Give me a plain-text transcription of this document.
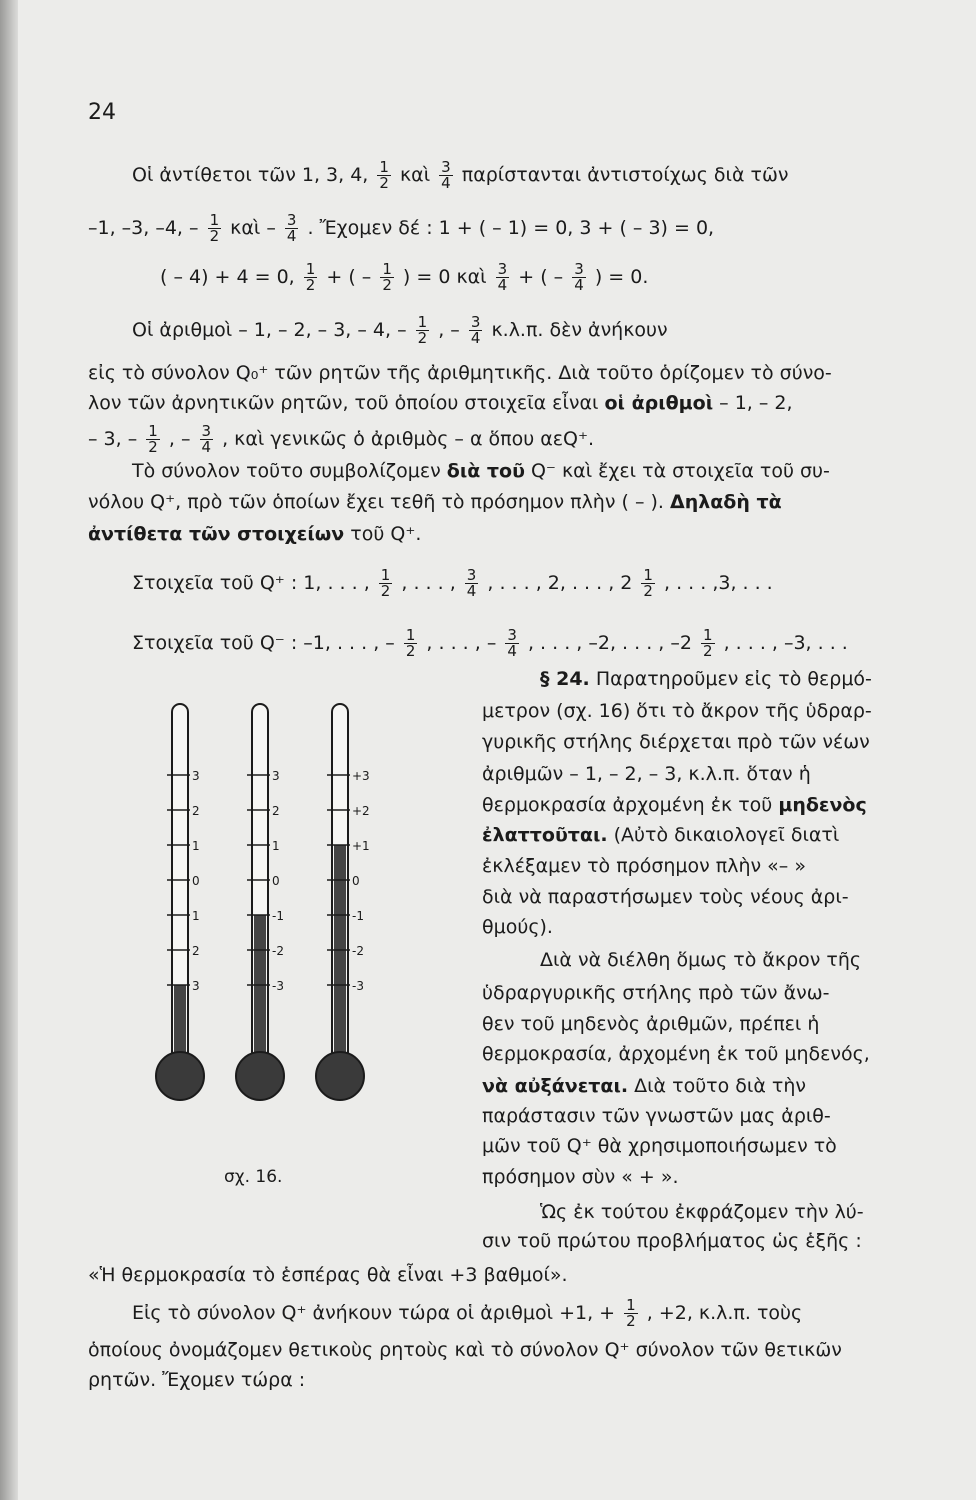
24
Οἱ ἀντίθετοι τῶν 1, 3, 4, $\frac{1}{2}$ καὶ $\frac{3}{4}$ παρίστανται ἀντιστοίχως διὰ τῶν
–1, –3, –4, – $\frac{1}{2}$ καὶ – $\frac{3}{4}$ . Ἔχομεν δέ : 1 + ( – 1) = 0, 3 + ( – 3) = 0,
( – 4) + 4 = 0, $\frac{1}{2}$ + ( – $\frac{1}{2}$ ) = 0 καὶ $\frac{3}{4}$ + ( – $\frac{3}{4}$ ) = 0.
Οἱ ἀριθμοὶ – 1, – 2, – 3, – 4, – $\frac{1}{2}$ , – $\frac{3}{4} \kappa.\lambda.\pi$. δὲν ἀνήκουν
εἰς τὸ σύνολον Q₀⁺ τῶν ρητῶν τῆς ἀριθμητικῆς. Διὰ τοῦτο ὁρίζομεν τὸ σύνο-
λον τῶν ἀρνητικῶν ρητῶν, τοῦ ὁποίου στοιχεῖα εἶναι οἱ ἀριθμοὶ – 1, – 2,
– 3, – $\frac{1}{2}$ , – $\frac{3}{4}$ , καὶ γενικῶς ὁ ἀριθμὸς – α ὅπου αεQ⁺.
Τὸ σύνολον τοῦτο συμβολίζομεν διὰ τοῦ Q⁻ καὶ ἔχει τὰ στοιχεῖα τοῦ συ-
νόλου Q⁺, πρὸ τῶν ὁποίων ἔχει τεθῆ τὸ πρόσημον πλὴν ( – ). Δηλαδὴ τὰ
ἀντίθετα τῶν στοιχείων τοῦ Q⁺.
Στοιχεῖα τοῦ Q⁺ : 1, . . . , $\frac{1}{2}$ , . . . , $\frac{3}{4}$ , . . . , 2, . . . , $2 \frac{1}{2}$ , . . . ,3, . . .
Στοιχεῖα τοῦ Q⁻ : –1, . . . , – $\frac{1}{2}$ , . . . , – $\frac{3}{4}$ , . . . , –2, . . . , $-2 \frac{1}{2}$ , . . . , –3, . . .
§ 24. Παρατηροῦμεν εἰς τὸ θερμό-
μετρον (σχ. 16) ὅτι τὸ ἄκρον τῆς ὑδραρ-
γυρικῆς στήλης διέρχεται πρὸ τῶν νέων
ἀριθμῶν – 1, – 2, – 3, κ.λ.π. ὅταν ἡ
θερμοκρασία ἀρχομένη ἐκ τοῦ μηδενὸς
ἐλαττοῦται. (Αὐτὸ δικαιολογεῖ διατὶ
ἐκλέξαμεν τὸ πρόσημον πλὴν «– »
διὰ νὰ παραστήσωμεν τοὺς νέους ἀρι-
θμούς).
Διὰ νὰ διέλθη ὅμως τὸ ἄκρον τῆς
ὑδραργυρικῆς στήλης πρὸ τῶν ἄνω-
θεν τοῦ μηδενὸς ἀριθμῶν, πρέπει ἡ
θερμοκρασία, ἀρχομένη ἐκ τοῦ μηδενός,
νὰ αὐξάνεται. Διὰ τοῦτο διὰ τὴν
παράστασιν τῶν γνωστῶν μας ἀριθ-
μῶν τοῦ Q⁺ θὰ χρησιμοποιήσωμεν τὸ
πρόσημον σὺν « + ».
Ὡς ἐκ τούτου ἐκφράζομεν τὴν λύ-
σιν τοῦ πρώτου προβλήματος ὡς ἑξῆς :
3
2
1
0
1
2
3
3
2
1
0
-1
-2
-3
+3
+2
+1
0
-1
-2
-3
σχ. 16.
«Ἡ θερμοκρασία τὸ ἑσπέρας θὰ εἶναι +3 βαθμοί».
Εἰς τὸ σύνολον Q⁺ ἀνήκουν τώρα οἱ ἀριθμοὶ +1, + $\frac{1}{2}$ , +2, κ.λ.π. τοὺς
ὁποίους ὀνομάζομεν θετικοὺς ρητοὺς καὶ τὸ σύνολον Q⁺ σύνολον τῶν θετικῶν
ρητῶν. Ἔχομεν τώρα :
